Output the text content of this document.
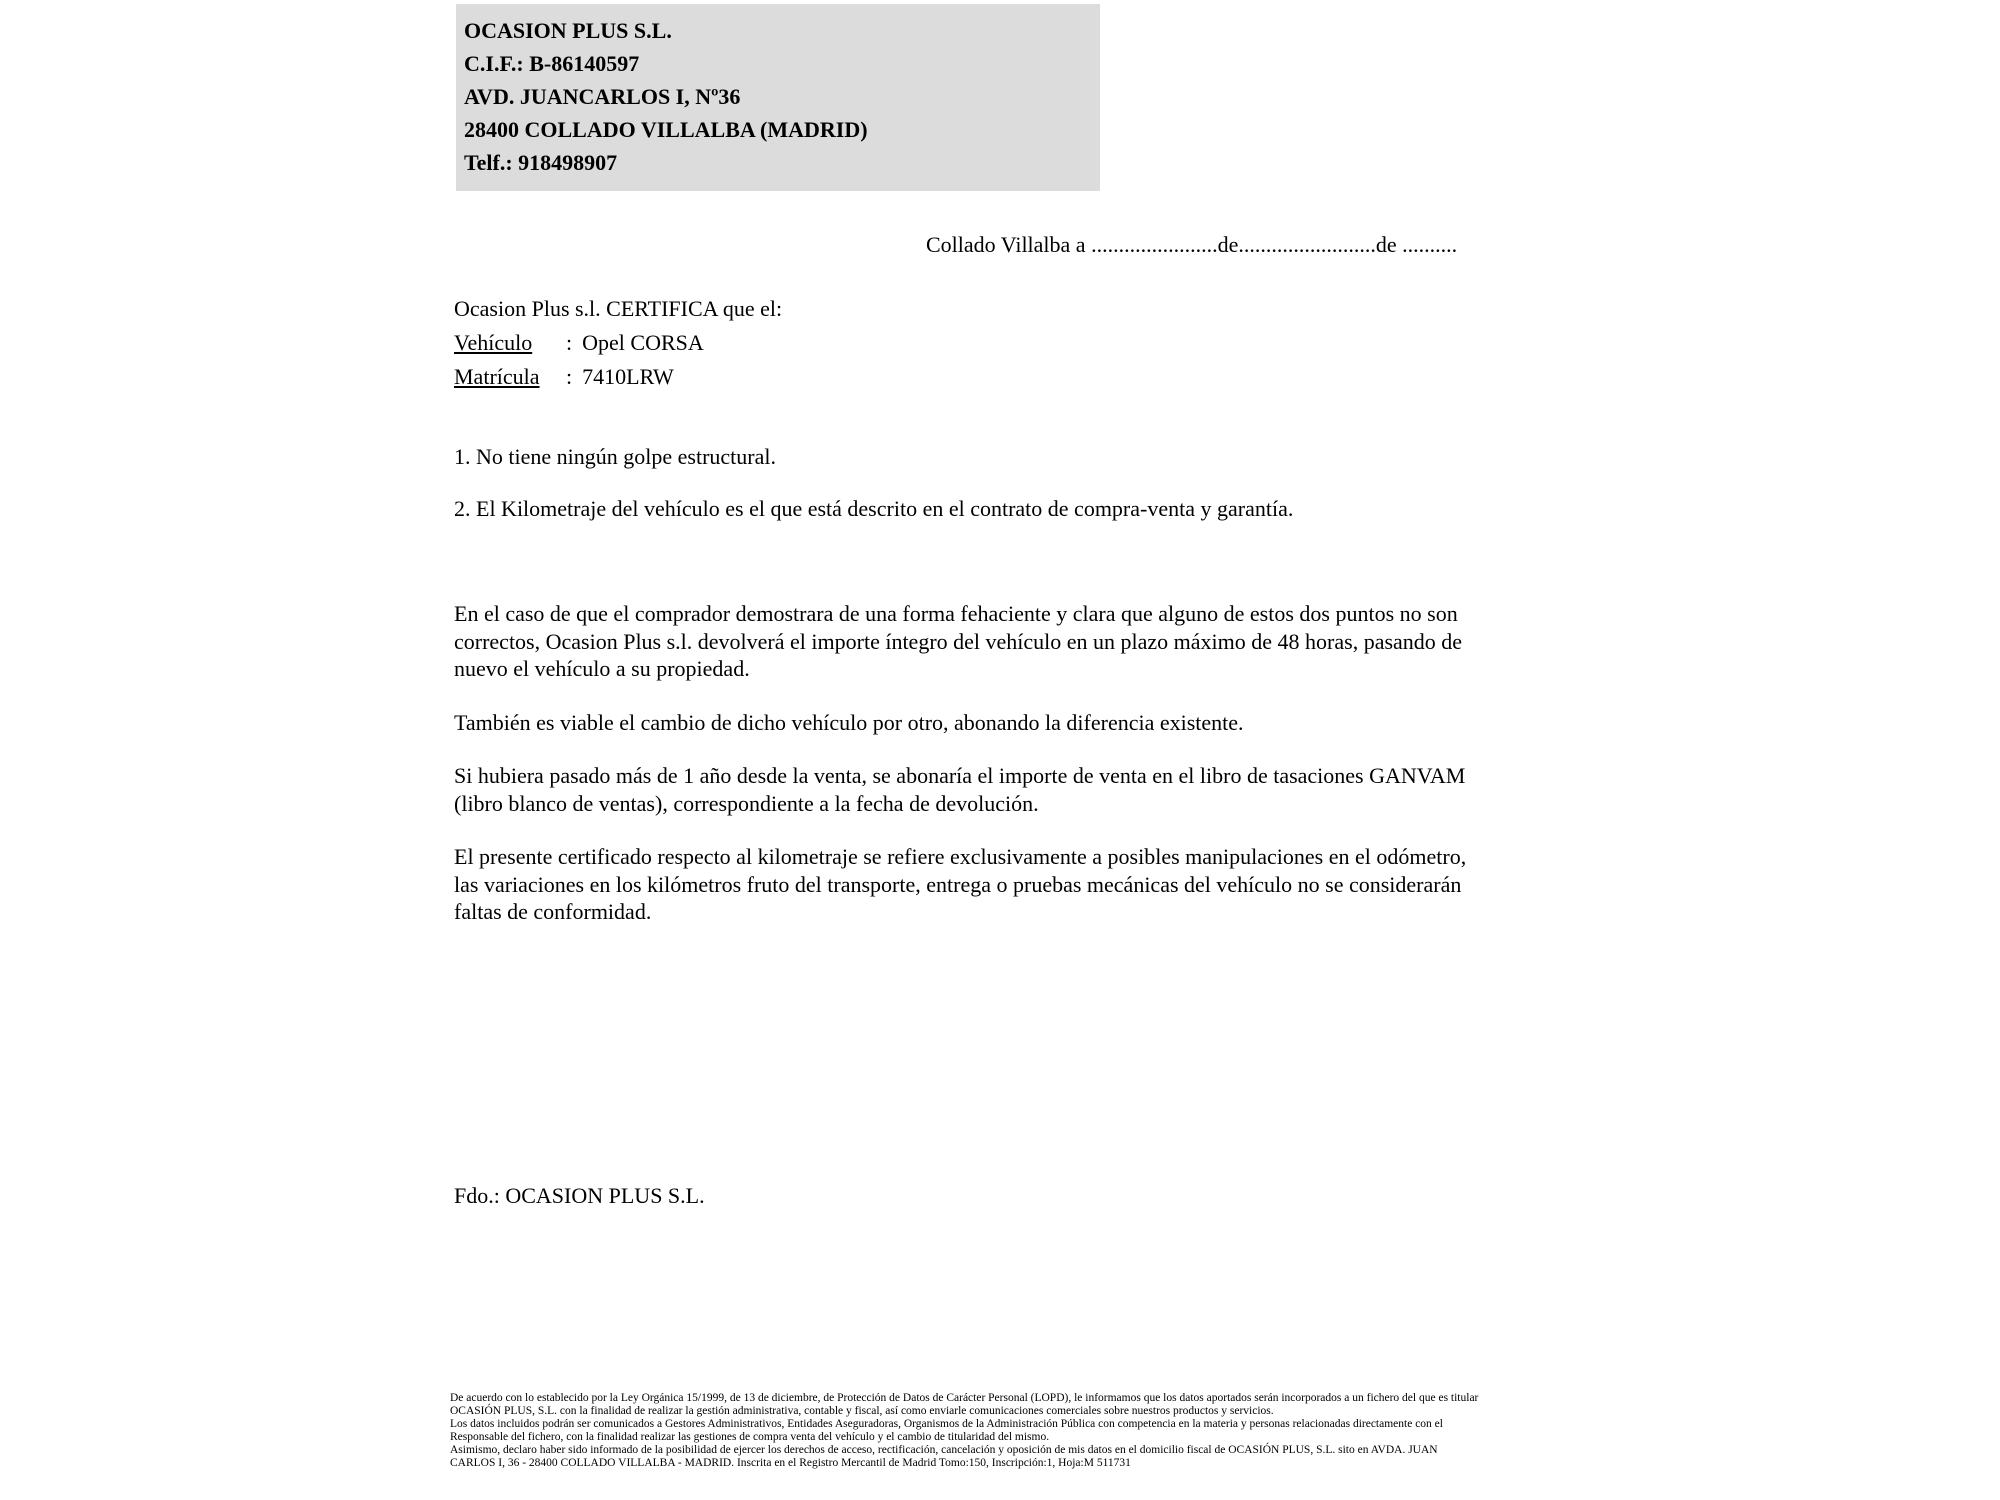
OCASION PLUS S.L.
C.I.F.: B-86140597
AVD. JUANCARLOS I, Nº36
28400 COLLADO VILLALBA (MADRID)
Telf.: 918498907
Collado Villalba a .......................de.........................de ..........
Ocasion Plus s.l. CERTIFICA que el:
Vehículo : Opel CORSA
Matrícula : 7410LRW
1. No tiene ningún golpe estructural.
2. El Kilometraje del vehículo es el que está descrito en el contrato de compra-venta y garantía.

En el caso de que el comprador demostrara de una forma fehaciente y clara que alguno de estos dos puntos no son correctos, Ocasion Plus s.l. devolverá el importe íntegro del vehículo en un plazo máximo de 48 horas, pasando de nuevo el vehículo a su propiedad.

También es viable el cambio de dicho vehículo por otro, abonando la diferencia existente.

Si hubiera pasado más de 1 año desde la venta, se abonaría el importe de venta en el libro de tasaciones GANVAM (libro blanco de ventas), correspondiente a la fecha de devolución.

El presente certificado respecto al kilometraje se refiere exclusivamente a posibles manipulaciones en el odómetro, las variaciones en los kilómetros fruto del transporte, entrega o pruebas mecánicas del vehículo no se considerarán faltas de conformidad.

Fdo.: OCASION PLUS S.L.
De acuerdo con lo establecido por la Ley Orgánica 15/1999, de 13 de diciembre, de Protección de Datos de Carácter Personal (LOPD), le informamos que los datos aportados serán incorporados a un fichero del que es titular
OCASIÓN PLUS, S.L. con la finalidad de realizar la gestión administrativa, contable y fiscal, así como enviarle comunicaciones comerciales sobre nuestros productos y servicios.
Los datos incluidos podrán ser comunicados a Gestores Administrativos, Entidades Aseguradoras, Organismos de la Administración Pública con competencia en la materia y personas relacionadas directamente con el
Responsable del fichero, con la finalidad realizar las gestiones de compra venta del vehículo y el cambio de titularidad del mismo.
Asimismo, declaro haber sido informado de la posibilidad de ejercer los derechos de acceso, rectificación, cancelación y oposición de mis datos en el domicilio fiscal de OCASIÓN PLUS, S.L. sito en AVDA. JUAN
CARLOS I, 36 - 28400 COLLADO VILLALBA - MADRID. Inscrita en el Registro Mercantil de Madrid Tomo:150, Inscripción:1, Hoja:M 511731
